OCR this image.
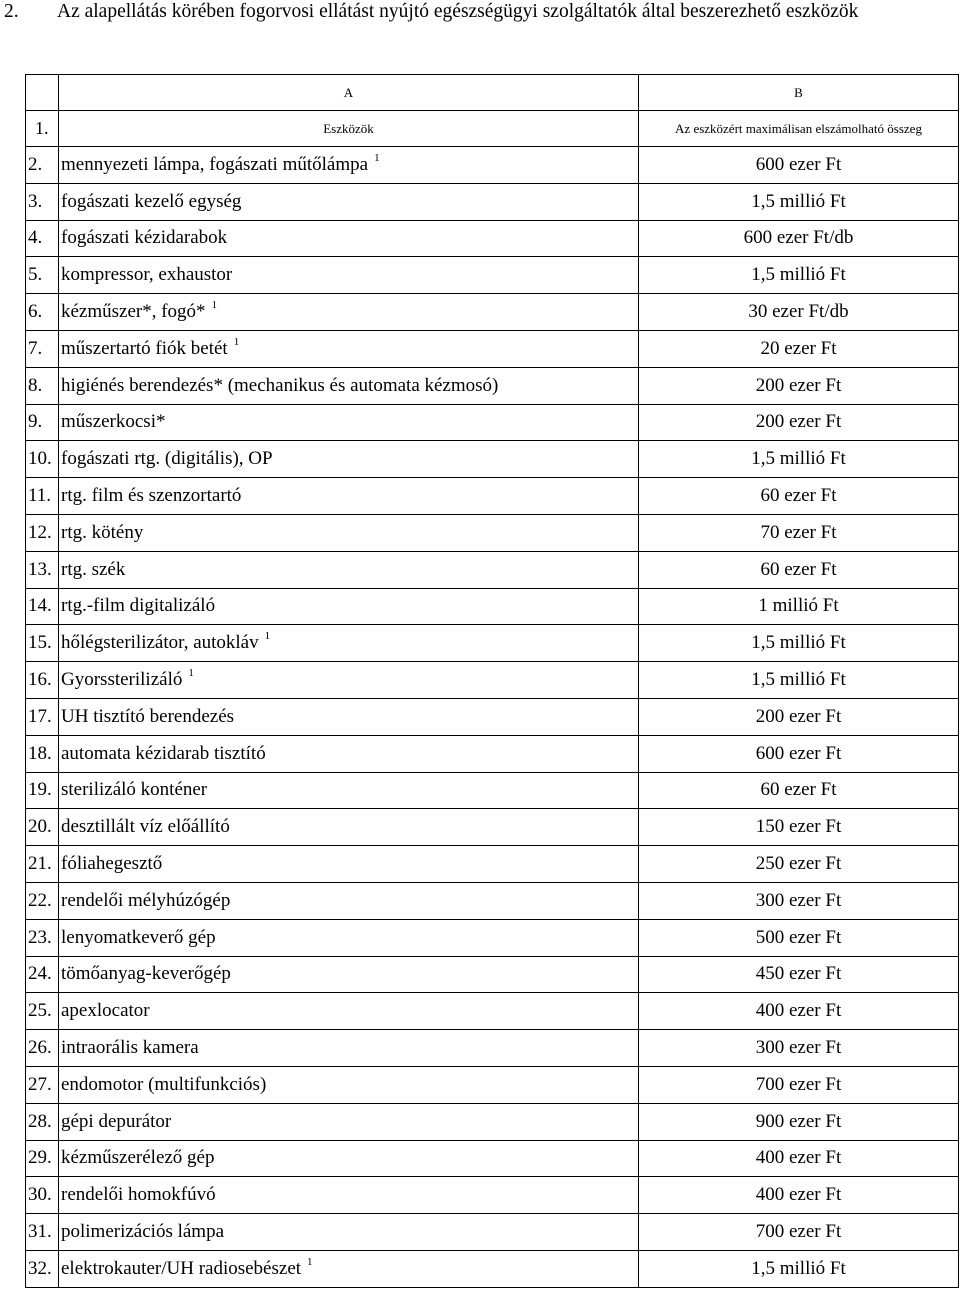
2. Az alapellátás körében fogorvosi ellátást nyújtó egészségügyi szolgáltatók által beszerezhető eszközök
	A	B
1.	Eszközök	Az eszközért maximálisan elszámolható összeg
2.	mennyezeti lámpa, fogászati műtőlámpa $^1$	600 ezer Ft
3.	fogászati kezelő egység	1,5 millió Ft
4.	fogászati kézidarabok	600 ezer Ft/db
5.	kompressor, exhaustor	1,5 millió Ft
6.	kézműszer*, fogó* $^1$	30 ezer Ft/db
7.	műszertartó fiók betét $^1$	20 ezer Ft
8.	higiénés berendezés* (mechanikus és automata kézmosó)	200 ezer Ft
9.	műszerkocsi*	200 ezer Ft
10.	fogászati rtg. (digitális), OP	1,5 millió Ft
11.	rtg. film és szenzortartó	60 ezer Ft
12.	rtg. kötény	70 ezer Ft
13.	rtg. szék	60 ezer Ft
14.	rtg.-film digitalizáló	1 millió Ft
15.	hőlégsterilizátor, autokláv $^1$	1,5 millió Ft
16.	Gyorssterilizáló $^1$	1,5 millió Ft
17.	UH tisztító berendezés	200 ezer Ft
18.	automata kézidarab tisztító	600 ezer Ft
19.	sterilizáló konténer	60 ezer Ft
20.	desztillált víz előállító	150 ezer Ft
21.	fóliahegesztő	250 ezer Ft
22.	rendelői mélyhúzógép	300 ezer Ft
23.	lenyomatkeverő gép	500 ezer Ft
24.	tömőanyag-keverőgép	450 ezer Ft
25.	apexlocator	400 ezer Ft
26.	intraorális kamera	300 ezer Ft
27.	endomotor (multifunkciós)	700 ezer Ft
28.	gépi depurátor	900 ezer Ft
29.	kézműszerélező gép	400 ezer Ft
30.	rendelői homokfúvó	400 ezer Ft
31.	polimerizációs lámpa	700 ezer Ft
32.	elektrokauter/UH radiosebészet $^1$	1,5 millió Ft
